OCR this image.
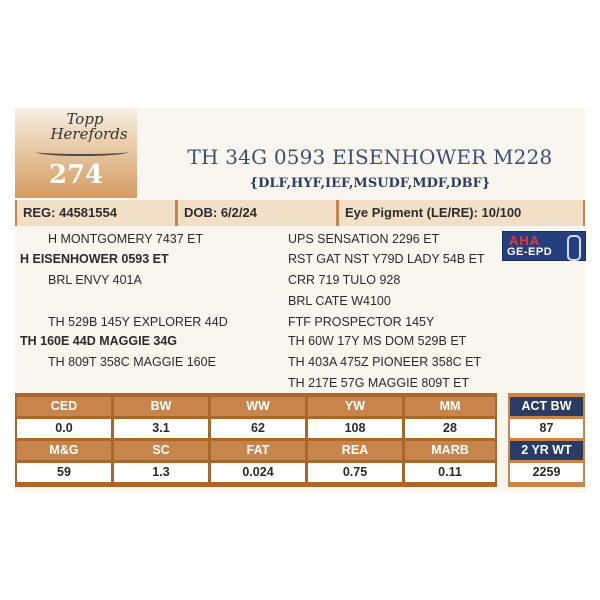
Topp
Herefords
274
TH 34G 0593 EISENHOWER M228
{DLF,HYF,IEF,MSUDF,MDF,DBF}
REG: 44581554	DOB: 6/2/24	Eye Pigment (LE/RE): 10/100
H MONTGOMERY 7437 ET
H EISENHOWER 0593 ET
BRL ENVY 401A
TH 529B 145Y EXPLORER 44D
TH 160E 44D MAGGIE 34G
TH 809T 358C MAGGIE 160E
UPS SENSATION 2296 ET
RST GAT NST Y79D LADY 54B ET
CRR 719 TULO 928
BRL CATE W4100
FTF PROSPECTOR 145Y
TH 60W 17Y MS DOM 529B ET
TH 403A 475Z PIONEER 358C ET
TH 217E 57G MAGGIE 809T ET
AHA
GE-EPD
CED	BW	WW	YW	MM
0.0	3.1	62	108	28
M&G	SC	FAT	REA	MARB
59	1.3	0.024	0.75	0.11
ACT BW
87
2 YR WT
2259
